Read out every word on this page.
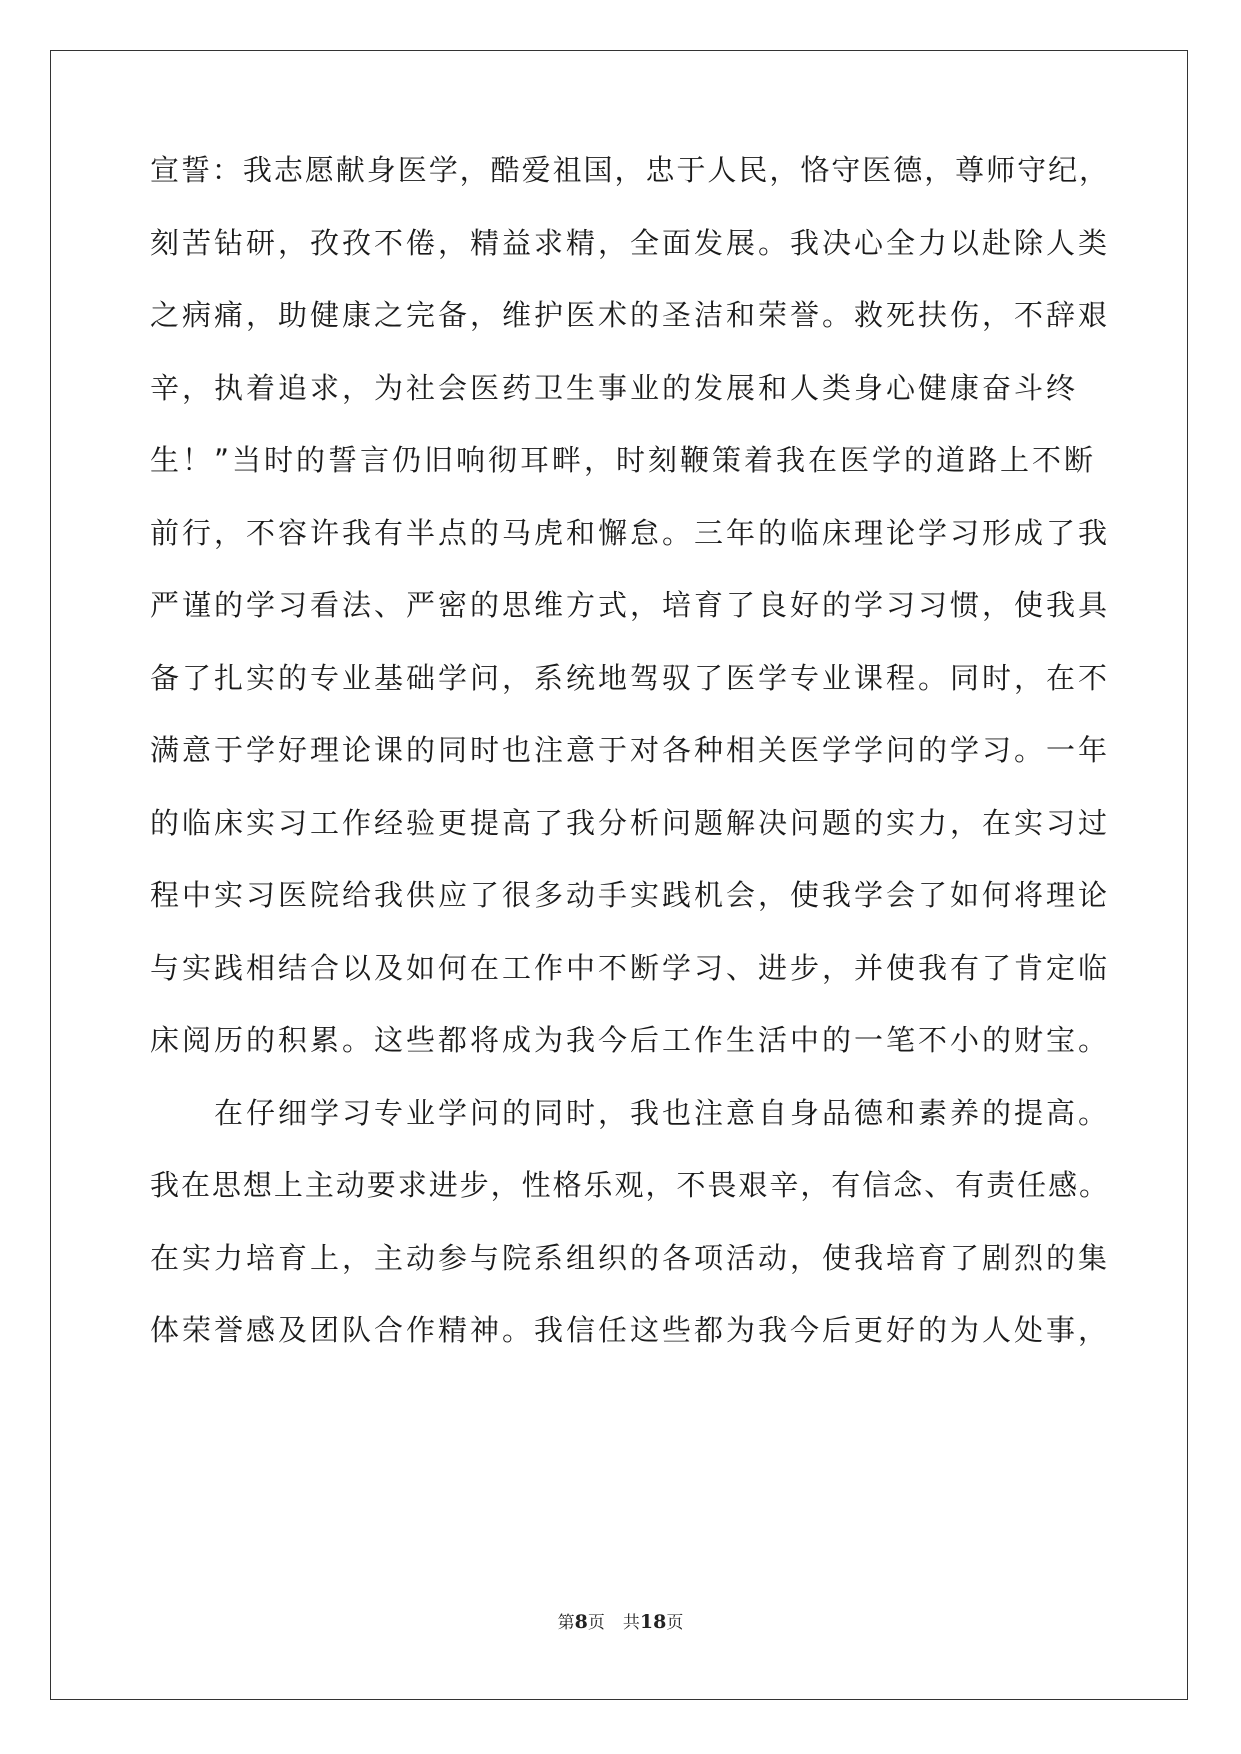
宣誓：我志愿献身医学，酷爱祖国，忠于人民，恪守医德，尊师守纪，
刻苦钻研，孜孜不倦，精益求精，全面发展。我决心全力以赴除人类
之病痛，助健康之完备，维护医术的圣洁和荣誉。救死扶伤，不辞艰
辛，执着追求，为社会医药卫生事业的发展和人类身心健康奋斗终
生！”当时的誓言仍旧响彻耳畔，时刻鞭策着我在医学的道路上不断
前行，不容许我有半点的马虎和懈怠。三年的临床理论学习形成了我
严谨的学习看法、严密的思维方式，培育了良好的学习习惯，使我具
备了扎实的专业基础学问，系统地驾驭了医学专业课程。同时，在不
满意于学好理论课的同时也注意于对各种相关医学学问的学习。一年
的临床实习工作经验更提高了我分析问题解决问题的实力，在实习过
程中实习医院给我供应了很多动手实践机会，使我学会了如何将理论
与实践相结合以及如何在工作中不断学习、进步，并使我有了肯定临
床阅历的积累。这些都将成为我今后工作生活中的一笔不小的财宝。
　　在仔细学习专业学问的同时，我也注意自身品德和素养的提高。
我在思想上主动要求进步，性格乐观，不畏艰辛，有信念、有责任感。
在实力培育上，主动参与院系组织的各项活动，使我培育了剧烈的集
体荣誉感及团队合作精神。我信任这些都为我今后更好的为人处事，
第8页 共18页
